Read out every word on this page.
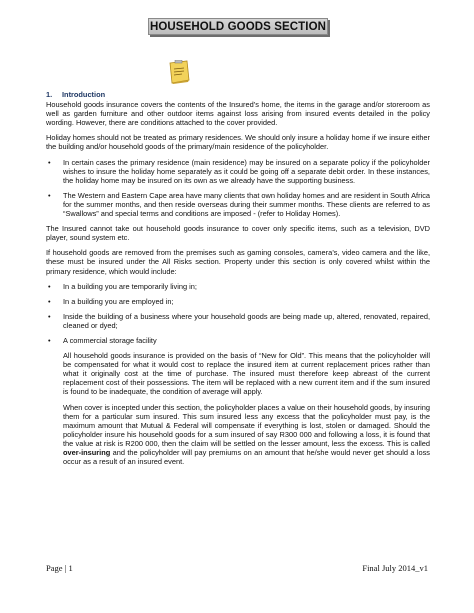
HOUSEHOLD GOODS SECTION
1. Introduction

Household goods insurance covers the contents of the Insured’s home, the items in the garage and/or storeroom as well as garden furniture and other outdoor items against loss arising from insured events detailed in the policy wording. However, there are conditions attached to the cover provided.

Holiday homes should not be treated as primary residences. We should only insure a holiday home if we insure either the building and/or household goods of the primary/main residence of the policyholder.

• In certain cases the primary residence (main residence) may be insured on a separate policy if the policyholder wishes to insure the holiday home separately as it could be going off a separate debit order. In these instances, the holiday home may be insured on its own as we already have the supporting business.
• The Western and Eastern Cape area have many clients that own holiday homes and are resident in South Africa for the summer months, and then reside overseas during their summer months. These clients are referred to as “Swallows” and special terms and conditions are imposed - (refer to Holiday Homes).

The Insured cannot take out household goods insurance to cover only specific items, such as a television, DVD player, sound system etc.

If household goods are removed from the premises such as gaming consoles, camera’s, video camera and the like, these must be insured under the All Risks section. Property under this section is only covered whilst within the primary residence, which would include:

• In a building you are temporarily living in;
• In a building you are employed in;
• Inside the building of a business where your household goods are being made up, altered, renovated, repaired, cleaned or dyed;
• A commercial storage facility

All household goods insurance is provided on the basis of “New for Old”. This means that the policyholder will be compensated for what it would cost to replace the insured item at current replacement prices rather than what it originally cost at the time of purchase. The insured must therefore keep abreast of the current replacement cost of their possessions. The item will be replaced with a new current item and if the sum insured is found to be inadequate, the condition of average will apply.

When cover is incepted under this section, the policyholder places a value on their household goods, by insuring them for a particular sum insured. This sum insured less any excess that the policyholder must pay, is the maximum amount that Mutual & Federal will compensate if everything is lost, stolen or damaged. Should the policyholder insure his household goods for a sum insured of say R300 000 and following a loss, it is found that the value at risk is R200 000, then the claim will be settled on the lesser amount, less the excess. This is called over-insuring and the policyholder will pay premiums on an amount that he/she would never get should a loss occur as a result of an insured event.

Page | 1	Final July 2014_v1
